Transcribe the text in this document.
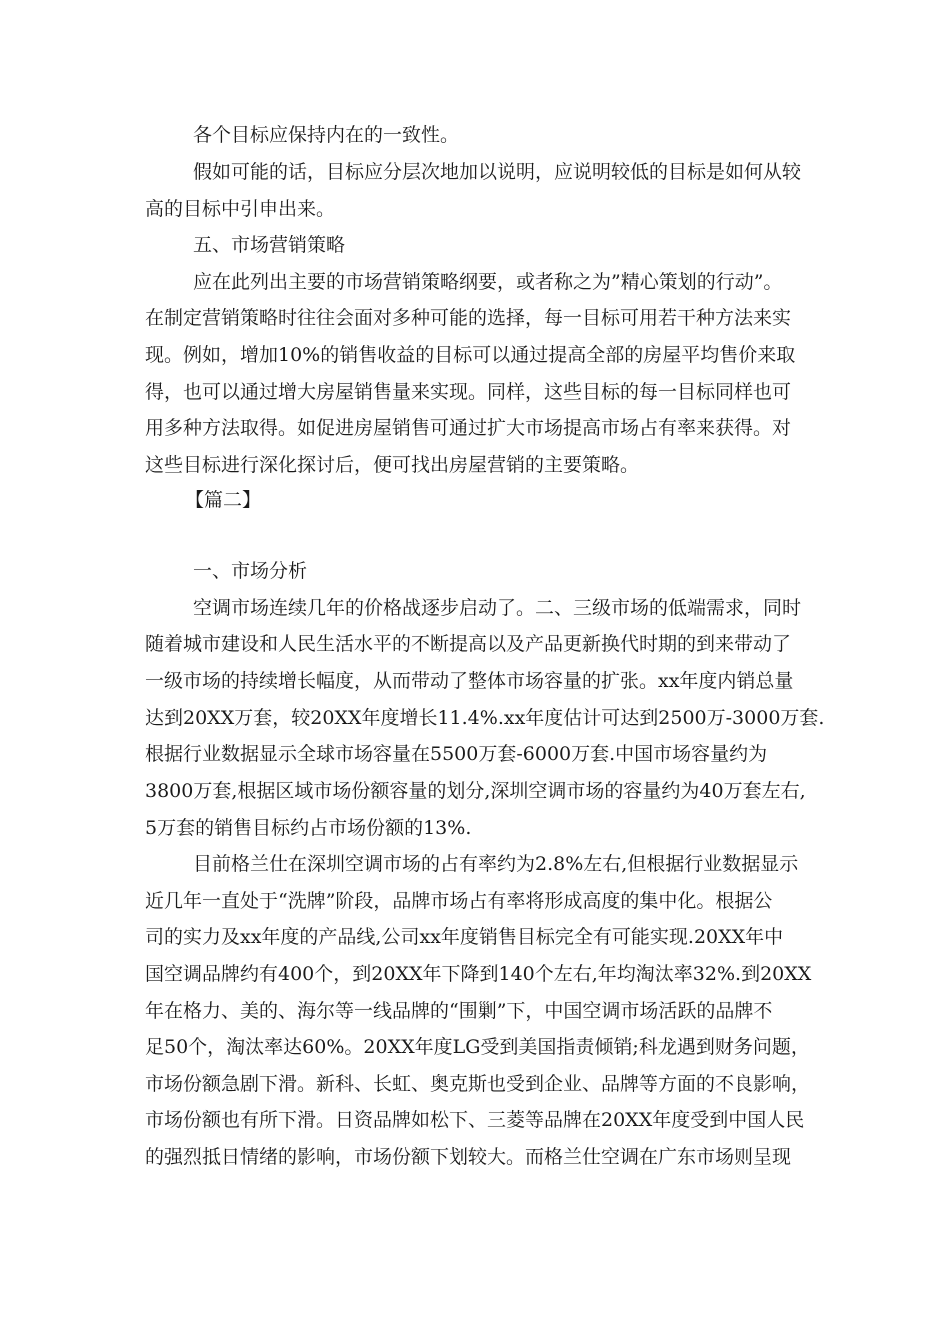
各个目标应保持内在的一致性。
假如可能的话，目标应分层次地加以说明，应说明较低的目标是如何从较
高的目标中引申出来。
五、市场营销策略
应在此列出主要的市场营销策略纲要，或者称之为”精心策划的行动”。
在制定营销策略时往往会面对多种可能的选择，每一目标可用若干种方法来实
现。例如，增加10%的销售收益的目标可以通过提高全部的房屋平均售价来取
得，也可以通过增大房屋销售量来实现。同样，这些目标的每一目标同样也可
用多种方法取得。如促进房屋销售可通过扩大市场提高市场占有率来获得。对
这些目标进行深化探讨后，便可找出房屋营销的主要策略。
【篇二】
一、市场分析
空调市场连续几年的价格战逐步启动了。二、三级市场的低端需求，同时
随着城市建设和人民生活水平的不断提高以及产品更新换代时期的到来带动了
一级市场的持续增长幅度，从而带动了整体市场容量的扩张。xx年度内销总量
达到20XX万套，较20XX年度增长11.4%.xx年度估计可达到2500万-3000万套.
根据行业数据显示全球市场容量在5500万套-6000万套.中国市场容量约为
3800万套,根据区域市场份额容量的划分,深圳空调市场的容量约为40万套左右,
5万套的销售目标约占市场份额的13%.
目前格兰仕在深圳空调市场的占有率约为2.8%左右,但根据行业数据显示
近几年一直处于“洗牌”阶段，品牌市场占有率将形成高度的集中化。根据公
司的实力及xx年度的产品线,公司xx年度销售目标完全有可能实现.20XX年中
国空调品牌约有400个，到20XX年下降到140个左右,年均淘汰率32%.到20XX
年在格力、美的、海尔等一线品牌的“围剿”下，中国空调市场活跃的品牌不
足50个，淘汰率达60%。20XX年度LG受到美国指责倾销;科龙遇到财务问题，
市场份额急剧下滑。新科、长虹、奥克斯也受到企业、品牌等方面的不良影响，
市场份额也有所下滑。日资品牌如松下、三菱等品牌在20XX年度受到中国人民
的强烈抵日情绪的影响，市场份额下划较大。而格兰仕空调在广东市场则呈现
